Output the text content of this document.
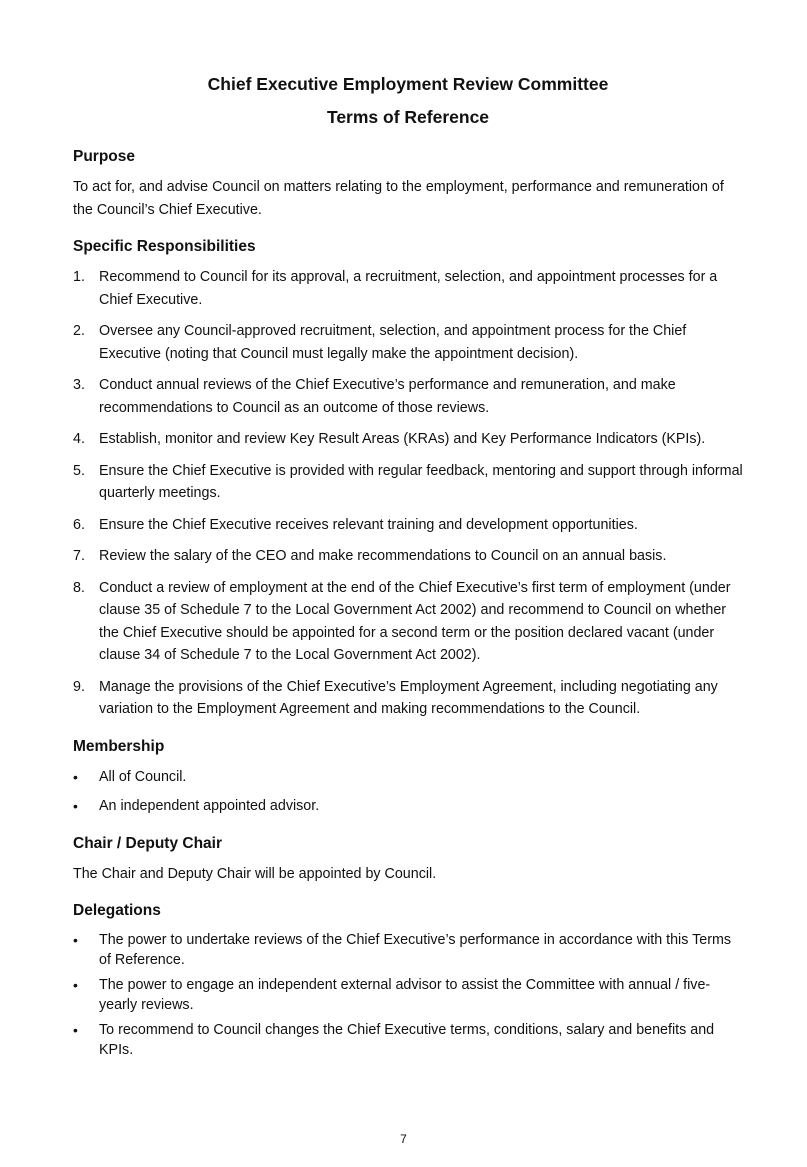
Chief Executive Employment Review Committee
Terms of Reference
Purpose

To act for, and advise Council on matters relating to the employment, performance and remuneration of the Council’s Chief Executive.

Specific Responsibilities
1. Recommend to Council for its approval, a recruitment, selection, and appointment processes for a Chief Executive.
2. Oversee any Council-approved recruitment, selection, and appointment process for the Chief Executive (noting that Council must legally make the appointment decision).
3. Conduct annual reviews of the Chief Executive’s performance and remuneration, and make recommendations to Council as an outcome of those reviews.
4. Establish, monitor and review Key Result Areas (KRAs) and Key Performance Indicators (KPIs).
5. Ensure the Chief Executive is provided with regular feedback, mentoring and support through informal quarterly meetings.
6. Ensure the Chief Executive receives relevant training and development opportunities.
7. Review the salary of the CEO and make recommendations to Council on an annual basis.
8. Conduct a review of employment at the end of the Chief Executive’s first term of employment (under clause 35 of Schedule 7 to the Local Government Act 2002) and recommend to Council on whether the Chief Executive should be appointed for a second term or the position declared vacant (under clause 34 of Schedule 7 to the Local Government Act 2002).
9. Manage the provisions of the Chief Executive’s Employment Agreement, including negotiating any variation to the Employment Agreement and making recommendations to the Council.
Membership
• All of Council.
• An independent appointed advisor.
Chair / Deputy Chair

The Chair and Deputy Chair will be appointed by Council.

Delegations
• The power to undertake reviews of the Chief Executive’s performance in accordance with this Terms of Reference.
• The power to engage an independent external advisor to assist the Committee with annual / five-yearly reviews.
• To recommend to Council changes the Chief Executive terms, conditions, salary and benefits and KPIs.
7
